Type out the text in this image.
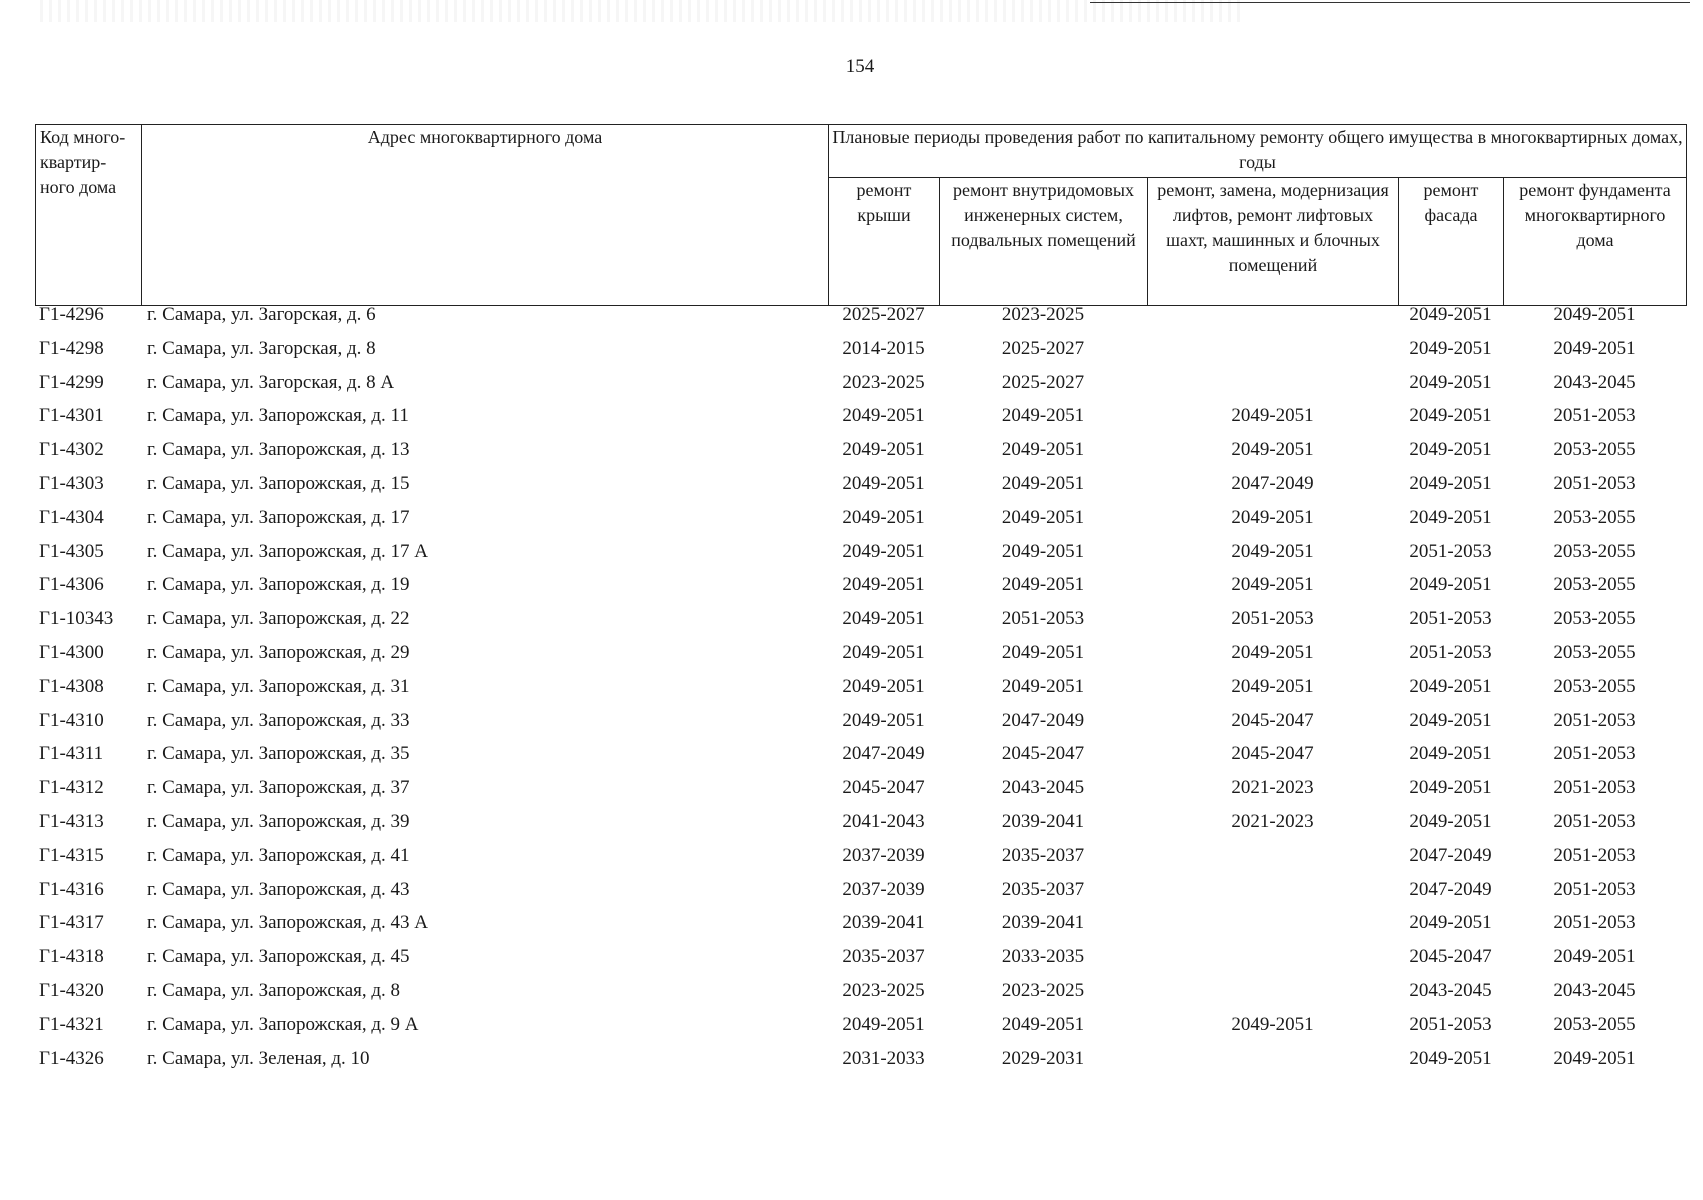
154
Код много-квартир-ного дома	Адрес многоквартирного дома	Плановые периоды проведения работ по капитальному ремонту общего имущества в многоквартирных домах, годы				
		ремонт крыши	ремонт внутридомовых инженерных систем, подвальных помещений	ремонт, замена, модернизация лифтов, ремонт лифтовых шахт, машинных и блочных помещений	ремонт фасада	ремонт фундамента многоквартирного дома
Г1-4296	г. Самара, ул. Загорская, д. 6	2025-2027	2023-2025		2049-2051	2049-2051
Г1-4298	г. Самара, ул. Загорская, д. 8	2014-2015	2025-2027		2049-2051	2049-2051
Г1-4299	г. Самара, ул. Загорская, д. 8 А	2023-2025	2025-2027		2049-2051	2043-2045
Г1-4301	г. Самара, ул. Запорожская, д. 11	2049-2051	2049-2051	2049-2051	2049-2051	2051-2053
Г1-4302	г. Самара, ул. Запорожская, д. 13	2049-2051	2049-2051	2049-2051	2049-2051	2053-2055
Г1-4303	г. Самара, ул. Запорожская, д. 15	2049-2051	2049-2051	2047-2049	2049-2051	2051-2053
Г1-4304	г. Самара, ул. Запорожская, д. 17	2049-2051	2049-2051	2049-2051	2049-2051	2053-2055
Г1-4305	г. Самара, ул. Запорожская, д. 17 А	2049-2051	2049-2051	2049-2051	2051-2053	2053-2055
Г1-4306	г. Самара, ул. Запорожская, д. 19	2049-2051	2049-2051	2049-2051	2049-2051	2053-2055
Г1-10343	г. Самара, ул. Запорожская, д. 22	2049-2051	2051-2053	2051-2053	2051-2053	2053-2055
Г1-4300	г. Самара, ул. Запорожская, д. 29	2049-2051	2049-2051	2049-2051	2051-2053	2053-2055
Г1-4308	г. Самара, ул. Запорожская, д. 31	2049-2051	2049-2051	2049-2051	2049-2051	2053-2055
Г1-4310	г. Самара, ул. Запорожская, д. 33	2049-2051	2047-2049	2045-2047	2049-2051	2051-2053
Г1-4311	г. Самара, ул. Запорожская, д. 35	2047-2049	2045-2047	2045-2047	2049-2051	2051-2053
Г1-4312	г. Самара, ул. Запорожская, д. 37	2045-2047	2043-2045	2021-2023	2049-2051	2051-2053
Г1-4313	г. Самара, ул. Запорожская, д. 39	2041-2043	2039-2041	2021-2023	2049-2051	2051-2053
Г1-4315	г. Самара, ул. Запорожская, д. 41	2037-2039	2035-2037		2047-2049	2051-2053
Г1-4316	г. Самара, ул. Запорожская, д. 43	2037-2039	2035-2037		2047-2049	2051-2053
Г1-4317	г. Самара, ул. Запорожская, д. 43 А	2039-2041	2039-2041		2049-2051	2051-2053
Г1-4318	г. Самара, ул. Запорожская, д. 45	2035-2037	2033-2035		2045-2047	2049-2051
Г1-4320	г. Самара, ул. Запорожская, д. 8	2023-2025	2023-2025		2043-2045	2043-2045
Г1-4321	г. Самара, ул. Запорожская, д. 9 А	2049-2051	2049-2051	2049-2051	2051-2053	2053-2055
Г1-4326	г. Самара, ул. Зеленая, д. 10	2031-2033	2029-2031		2049-2051	2049-2051
